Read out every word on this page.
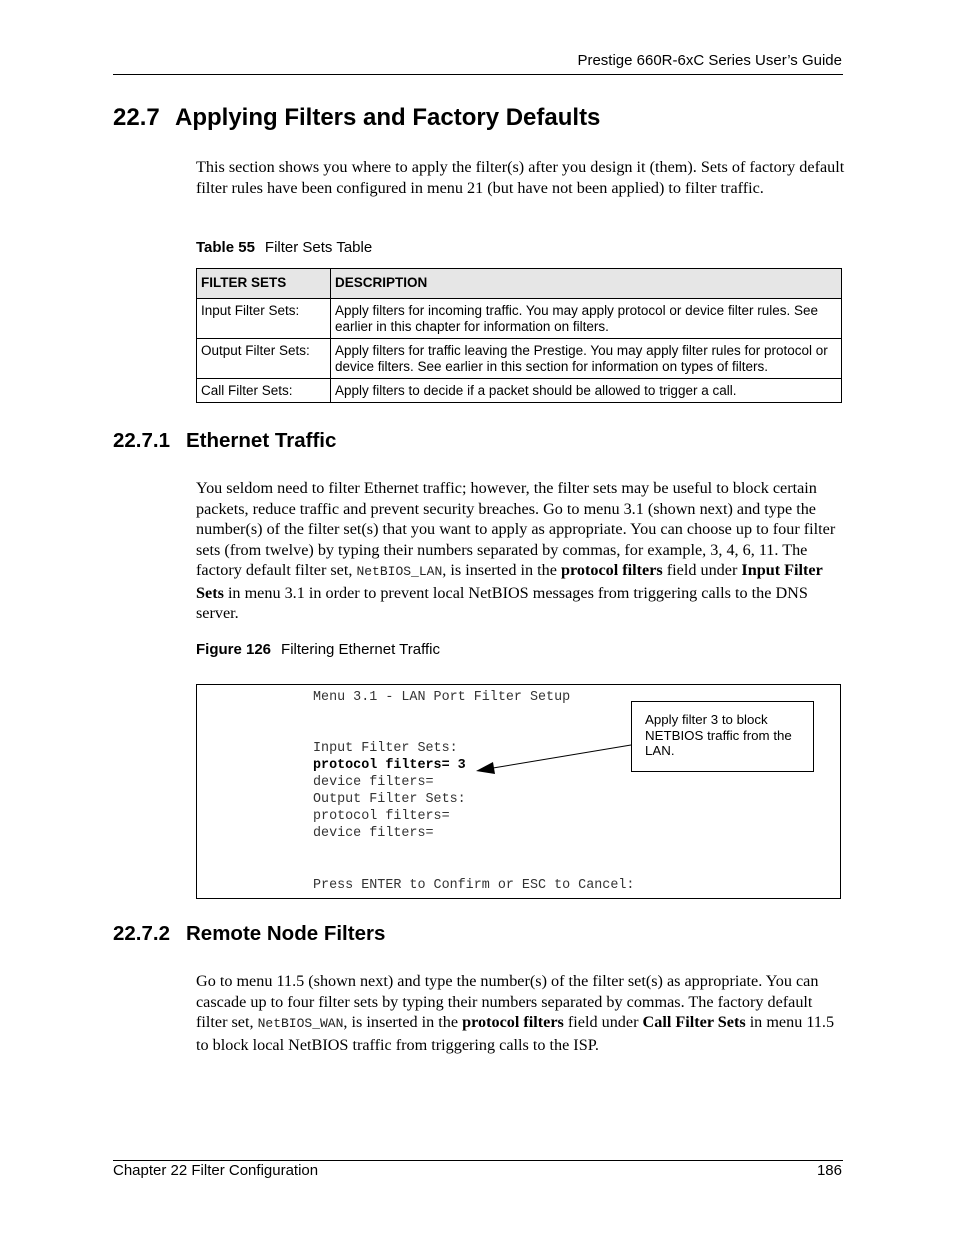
Prestige 660R-6xC Series User’s Guide
22.7 Applying Filters and Factory Defaults

This section shows you where to apply the filter(s) after you design it (them). Sets of factory default filter rules have been configured in menu 21 (but have not been applied) to filter traffic.

Table 55 Filter Sets Table
FILTER SETS	DESCRIPTION
Input Filter Sets:	Apply filters for incoming traffic. You may apply protocol or device filter rules. See earlier in this chapter for information on filters.
Output Filter Sets:	Apply filters for traffic leaving the Prestige. You may apply filter rules for protocol or device filters. See earlier in this section for information on types of filters.
Call Filter Sets:	Apply filters to decide if a packet should be allowed to trigger a call.
22.7.1 Ethernet Traffic

You seldom need to filter Ethernet traffic; however, the filter sets may be useful to block certain packets, reduce traffic and prevent security breaches. Go to menu 3.1 (shown next) and type the number(s) of the filter set(s) that you want to apply as appropriate. You can choose up to four filter sets (from twelve) by typing their numbers separated by commas, for example, 3, 4, 6, 11. The factory default filter set, NetBIOS_LAN, is inserted in the protocol filters field under Input Filter Sets in menu 3.1 in order to prevent local NetBIOS messages from triggering calls to the DNS server.

Figure 126 Filtering Ethernet Traffic
Menu 3.1 - LAN Port Filter Setup
Input Filter Sets:
protocol filters= 3
device filters=
Output Filter Sets:
protocol filters=
device filters=
Press ENTER to Confirm or ESC to Cancel:
Apply filter 3 to block NETBIOS traffic from the LAN.
22.7.2 Remote Node Filters

Go to menu 11.5 (shown next) and type the number(s) of the filter set(s) as appropriate. You can cascade up to four filter sets by typing their numbers separated by commas. The factory default filter set, NetBIOS_WAN, is inserted in the protocol filters field under Call Filter Sets in menu 11.5 to block local NetBIOS traffic from triggering calls to the ISP.

Chapter 22 Filter Configuration	186
